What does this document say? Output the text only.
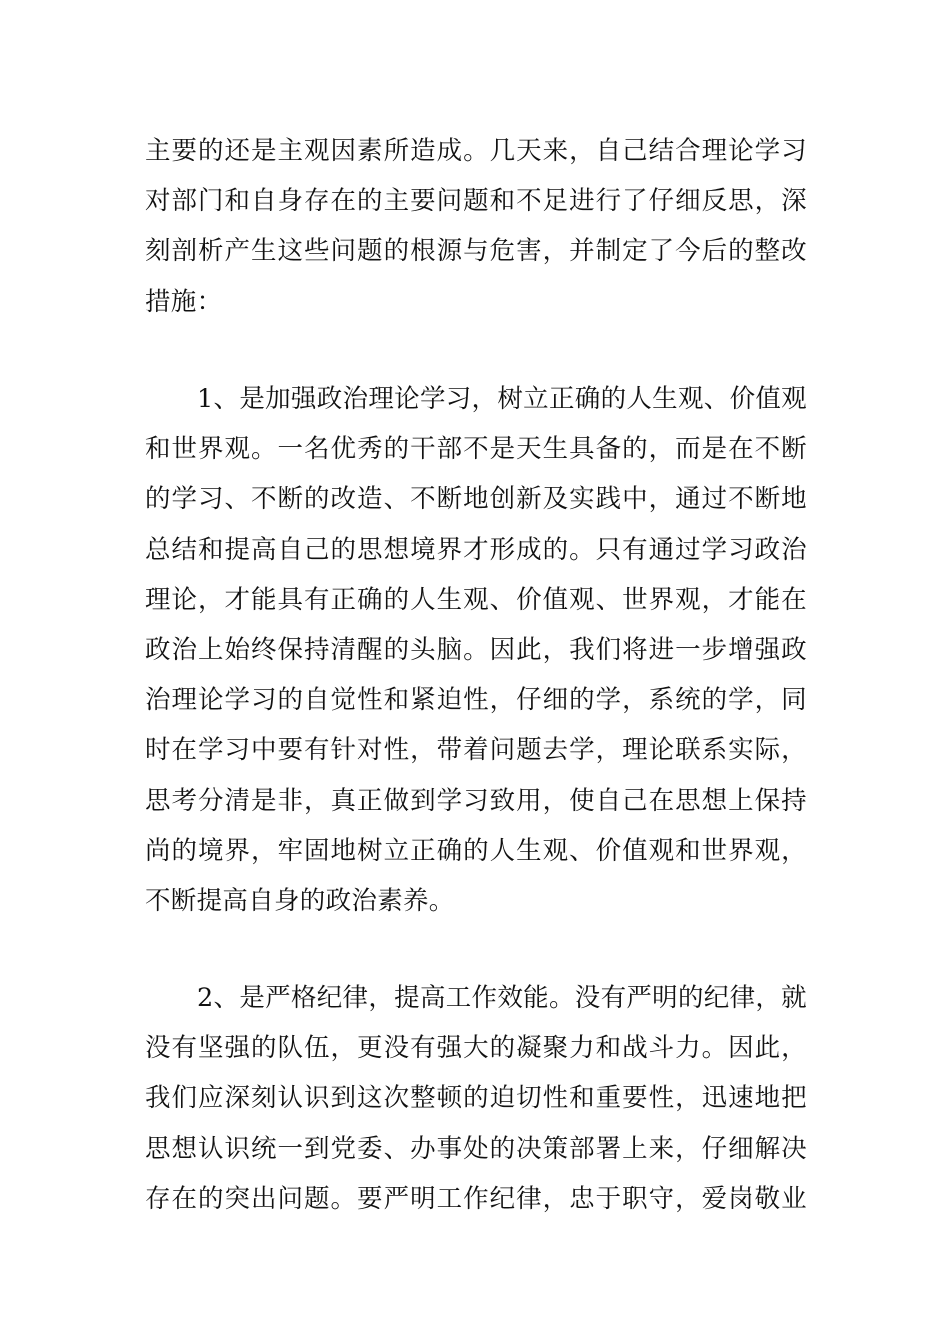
主要的还是主观因素所造成。几天来，自己结合理论学习
对部门和自身存在的主要问题和不足进行了仔细反思，深
刻剖析产生这些问题的根源与危害，并制定了今后的整改
措施：
1、是加强政治理论学习，树立正确的人生观、价值观
和世界观。一名优秀的干部不是天生具备的，而是在不断
的学习、不断的改造、不断地创新及实践中，通过不断地
总结和提高自己的思想境界才形成的。只有通过学习政治
理论，才能具有正确的人生观、价值观、世界观，才能在
政治上始终保持清醒的头脑。因此，我们将进一步增强政
治理论学习的自觉性和紧迫性，仔细的学，系统的学，同
时在学习中要有针对性，带着问题去学，理论联系实际，
思考分清是非，真正做到学习致用，使自己在思想上保持
尚的境界，牢固地树立正确的人生观、价值观和世界观，
不断提高自身的政治素养。
2、是严格纪律，提高工作效能。没有严明的纪律，就
没有坚强的队伍，更没有强大的凝聚力和战斗力。因此，
我们应深刻认识到这次整顿的迫切性和重要性，迅速地把
思想认识统一到党委、办事处的决策部署上来，仔细解决
存在的突出问题。要严明工作纪律，忠于职守，爱岗敬业
